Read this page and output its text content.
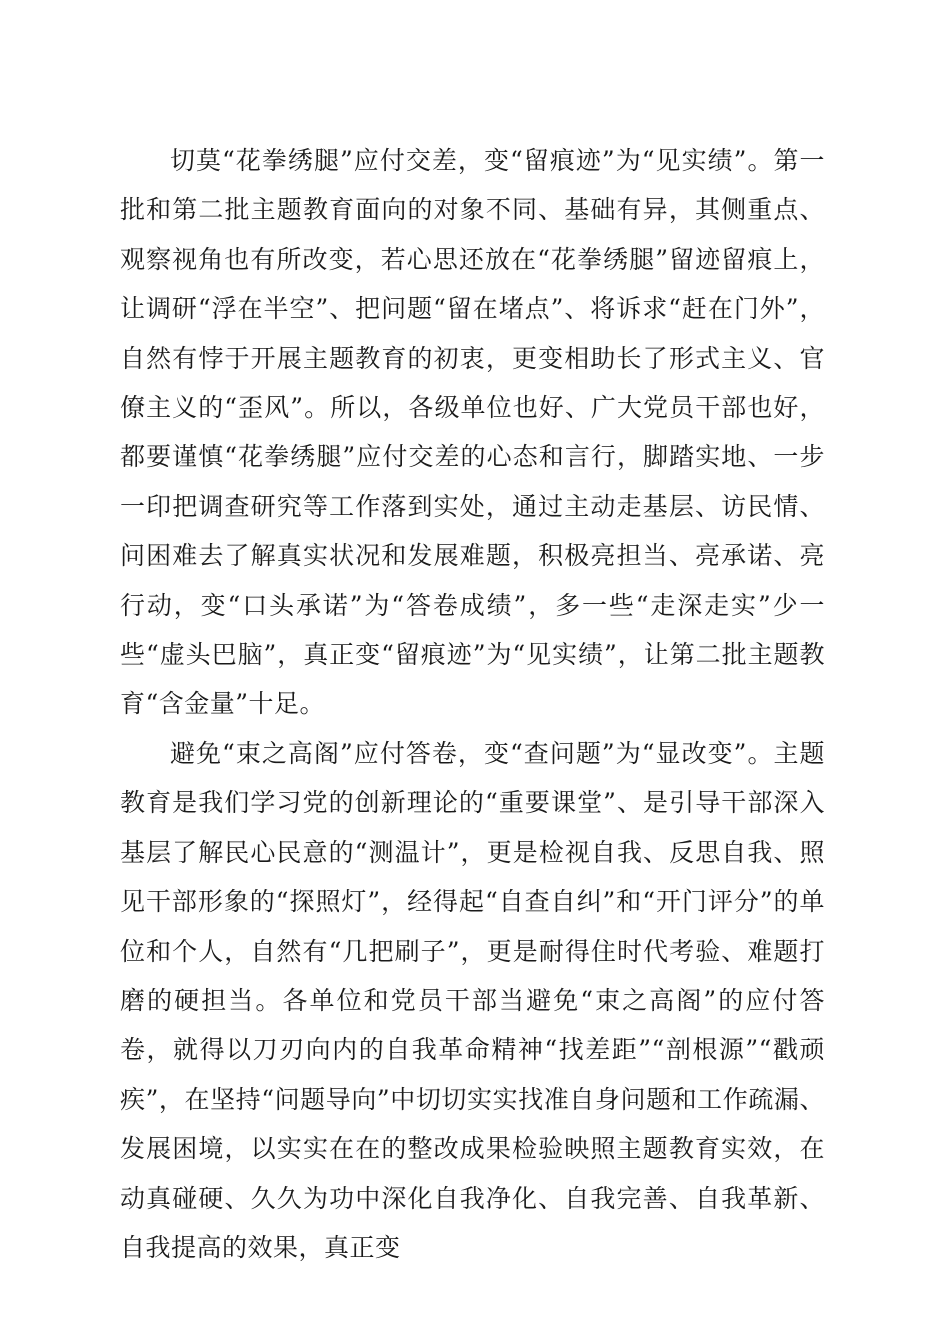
切莫“花拳绣腿”应付交差，变“留痕迹”为“见实绩”。第一批和第二批主题教育面向的对象不同、基础有异，其侧重点、观察视角也有所改变，若心思还放在“花拳绣腿”留迹留痕上，让调研“浮在半空”、把问题“留在堵点”、将诉求“赶在门外”，自然有悖于开展主题教育的初衷，更变相助长了形式主义、官僚主义的“歪风”。所以，各级单位也好、广大党员干部也好，都要谨慎“花拳绣腿”应付交差的心态和言行，脚踏实地、一步一印把调查研究等工作落到实处，通过主动走基层、访民情、问困难去了解真实状况和发展难题，积极亮担当、亮承诺、亮行动，变“口头承诺”为“答卷成绩”，多一些“走深走实”少一些“虚头巴脑”，真正变“留痕迹”为“见实绩”，让第二批主题教育“含金量”十足。

避免“束之高阁”应付答卷，变“查问题”为“显改变”。主题教育是我们学习党的创新理论的“重要课堂”、是引导干部深入基层了解民心民意的“测温计”，更是检视自我、反思自我、照见干部形象的“探照灯”，经得起“自查自纠”和“开门评分”的单位和个人，自然有“几把刷子”，更是耐得住时代考验、难题打磨的硬担当。各单位和党员干部当避免“束之高阁”的应付答卷，就得以刀刃向内的自我革命精神“找差距”“剖根源”“戳顽疾”，在坚持“问题导向”中切切实实找准自身问题和工作疏漏、发展困境，以实实在在的整改成果检验映照主题教育实效，在动真碰硬、久久为功中深化自我净化、自我完善、自我革新、自我提高的效果，真正变
